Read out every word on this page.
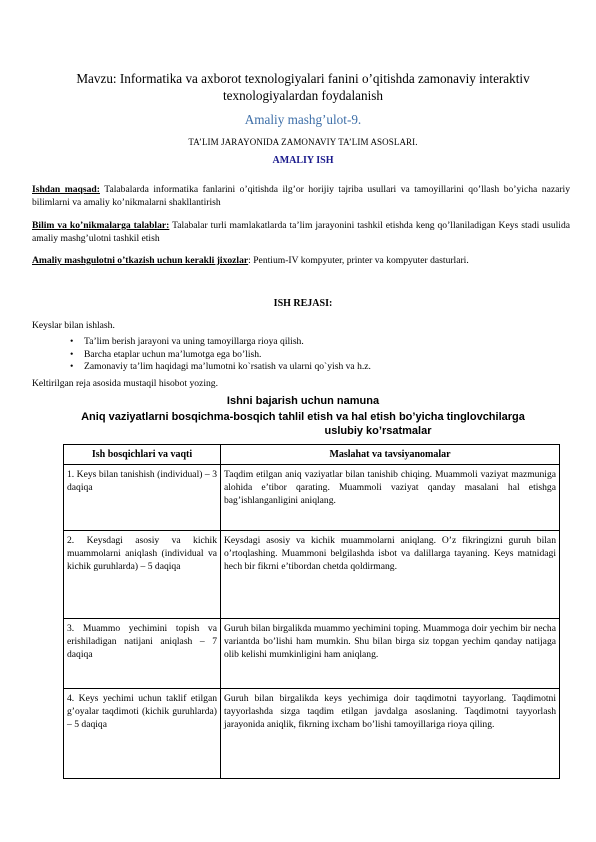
Mavzu: Informatika va axborot texnologiyalari fanini o’qitishda zamonaviy interaktiv texnologiyalardan foydalanish
Amaliy mashg’ulot-9.
TA’LIM JARAYONIDA ZAMONAVIY TA’LIM ASOSLARI.
AMALIY ISH
Ishdan maqsad: Talabalarda informatika fanlarini o’qitishda ilg’or horijiy tajriba usullari va tamoyillarini qo’llash bo’yicha nazariy bilimlarni va amaliy ko’nikmalarni shakllantirish
Bilim va ko’nikmalarga talablar: Talabalar turli mamlakatlarda ta’lim jarayonini tashkil etishda keng qo’llaniladigan Keys stadi usulida amaliy mashg’ulotni tashkil etish
Amaliy mashgulotni o’tkazish uchun kerakli jixozlar: Pentium-IV kompyuter, printer va kompyuter dasturlari.
ISH REJASI:
Keyslar bilan ishlash.
• Ta’lim berish jarayoni va uning tamoyillarga rioya qilish.
• Barcha etaplar uchun ma’lumotga ega bo’lish.
• Zamonaviy ta’lim haqidagi ma’lumotni ko`rsatish va ularni qo`yish va h.z.
Keltirilgan reja asosida mustaqil hisobot yozing.
Ishni bajarish uchun namuna
Aniq vaziyatlarni bosqichma-bosqich tahlil etish va hal etish bo’yicha tinglovchilarga
uslubiy ko’rsatmalar
Ish bosqichlari va vaqti	Maslahat va tavsiyanomalar
1. Keys bilan tanishish (individual) – 3 daqiqa	Taqdim etilgan aniq vaziyatlar bilan tanishib chiqing. Muammoli vaziyat mazmuniga alohida e’tibor qarating. Muammoli vaziyat qanday masalani hal etishga bag’ishlanganligini aniqlang.
2. Keysdagi asosiy va kichik muammolarni aniqlash (individual va kichik guruhlarda) – 5 daqiqa	Keysdagi asosiy va kichik muammolarni aniqlang. O’z fikringizni guruh bilan o’rtoqlashing. Muammoni belgilashda isbot va dalillarga tayaning. Keys matnidagi hech bir fikrni e’tibordan chetda qoldirmang.
3. Muammo yechimini topish va erishiladigan natijani aniqlash – 7 daqiqa	Guruh bilan birgalikda muammo yechimini toping. Muammoga doir yechim bir necha variantda bo’lishi ham mumkin. Shu bilan birga siz topgan yechim qanday natijaga olib kelishi mumkinligini ham aniqlang.
4. Keys yechimi uchun taklif etilgan g’oyalar taqdimoti (kichik guruhlarda) – 5 daqiqa	Guruh bilan birgalikda keys yechimiga doir taqdimotni tayyorlang. Taqdimotni tayyorlashda sizga taqdim etilgan javdalga asoslaning. Taqdimotni tayyorlash jarayonida aniqlik, fikrning ixcham bo’lishi tamoyillariga rioya qiling.
